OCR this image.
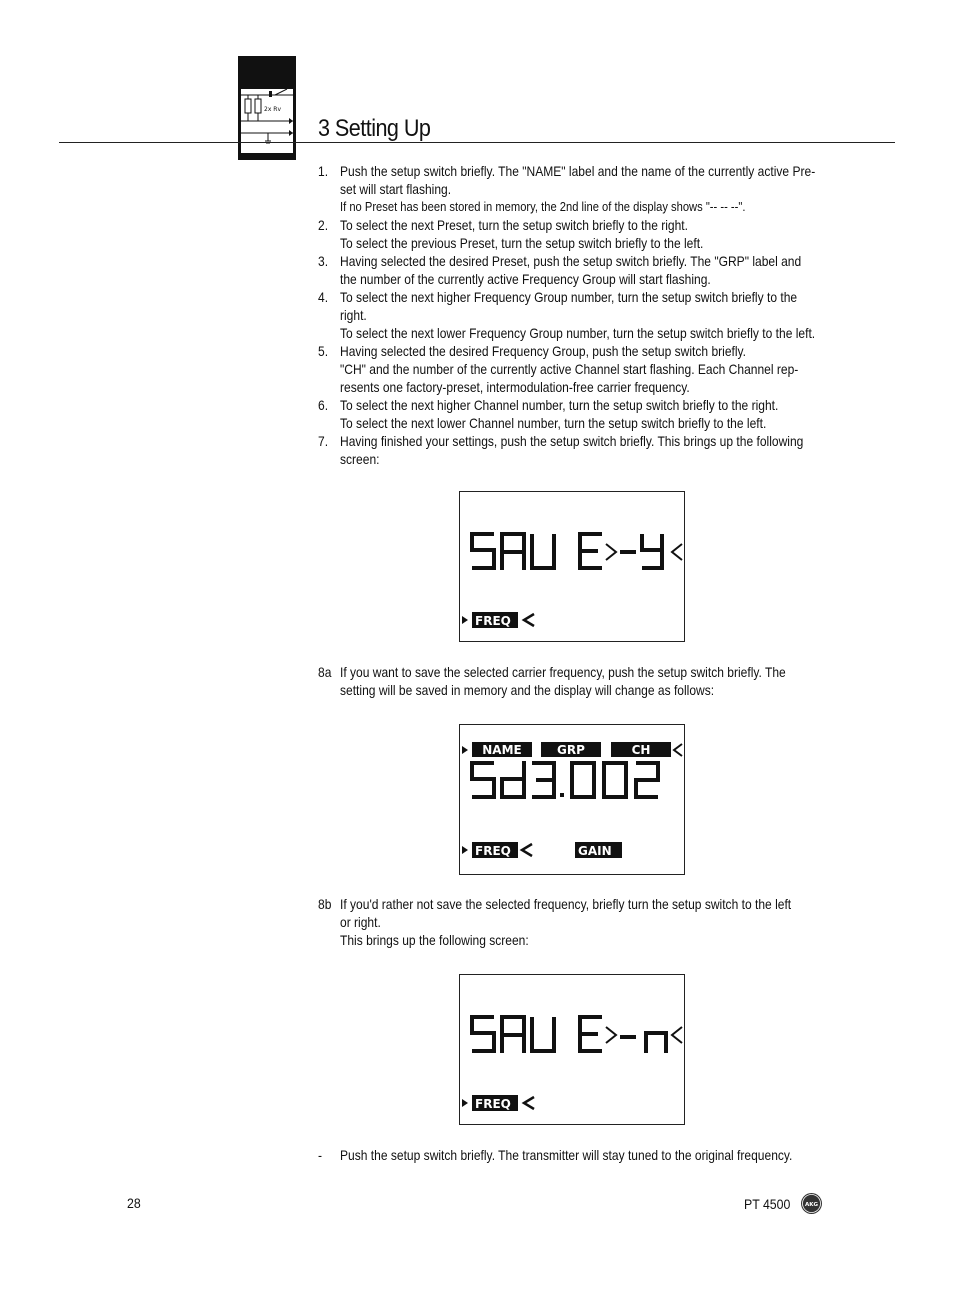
2x Rv
3 Setting Up
1. Push the setup switch briefly. The "NAME" label and the name of the currently active Pre-
set will start flashing.
If no Preset has been stored in memory, the 2nd line of the display shows "-- -- --".
2. To select the next Preset, turn the setup switch briefly to the right.
To select the previous Preset, turn the setup switch briefly to the left.
3. Having selected the desired Preset, push the setup switch briefly. The "GRP" label and
the number of the currently active Frequency Group will start flashing.
4. To select the next higher Frequency Group number, turn the setup switch briefly to the
right.
To select the next lower Frequency Group number, turn the setup switch briefly to the left.
5. Having selected the desired Frequency Group, push the setup switch briefly.
"CH" and the number of the currently active Channel start flashing. Each Channel rep-
resents one factory-preset, intermodulation-free carrier frequency.
6. To select the next higher Channel number, turn the setup switch briefly to the right.
To select the next lower Channel number, turn the setup switch briefly to the left.
7. Having finished your settings, push the setup switch briefly. This brings up the following
screen:
FREQ
8a If you want to save the selected carrier frequency, push the setup switch briefly. The
setting will be saved in memory and the display will change as follows:
NAME	GRP	CH
FREQ	GAIN
8b If you'd rather not save the selected frequency, briefly turn the setup switch to the left
or right.
This brings up the following screen:
FREQ
- Push the setup switch briefly. The transmitter will stay tuned to the original frequency.
28	PT 4500	AKG
